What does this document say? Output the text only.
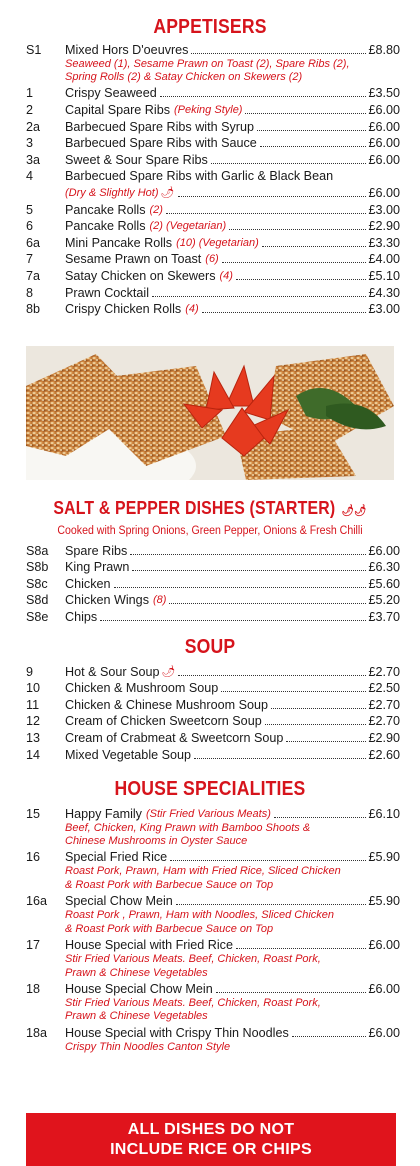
APPETISERS
S1	Mixed Hors D'oeuvres	£8.80
Seaweed (1), Sesame Prawn on Toast (2), Spare Ribs (2),
Spring Rolls (2) & Satay Chicken on Skewers (2)
1	Crispy Seaweed	£3.50
2	Capital Spare Ribs (Peking Style)	£6.00
2a	Barbecued Spare Ribs with Syrup	£6.00
3	Barbecued Spare Ribs with Sauce	£6.00
3a	Sweet & Sour Spare Ribs	£6.00
4	Barbecued Spare Ribs with Garlic & Black Bean
(Dry & Slightly Hot) 🌶	£6.00
5	Pancake Rolls (2)	£3.00
6	Pancake Rolls (2) (Vegetarian)	£2.90
6a	Mini Pancake Rolls (10) (Vegetarian)	£3.30
7	Sesame Prawn on Toast (6)	£4.00
7a	Satay Chicken on Skewers (4)	£5.10
8	Prawn Cocktail	£4.30
8b	Crispy Chicken Rolls (4)	£3.00
SALT & PEPPER DISHES (STARTER) 🌶🌶
Cooked with Spring Onions, Green Pepper, Onions & Fresh Chilli
S8a	Spare Ribs	£6.00
S8b	King Prawn	£6.30
S8c	Chicken	£5.60
S8d	Chicken Wings (8)	£5.20
S8e	Chips	£3.70
SOUP
9	Hot & Sour Soup 🌶	£2.70
10	Chicken & Mushroom Soup	£2.50
11	Chicken & Chinese Mushroom Soup	£2.70
12	Cream of Chicken Sweetcorn Soup	£2.70
13	Cream of Crabmeat & Sweetcorn Soup	£2.90
14	Mixed Vegetable Soup	£2.60
HOUSE SPECIALITIES
15	Happy Family (Stir Fried Various Meats)	£6.10
Beef, Chicken, King Prawn with Bamboo Shoots &
Chinese Mushrooms in Oyster Sauce
16	Special Fried Rice	£5.90
Roast Pork, Prawn, Ham with Fried Rice, Sliced Chicken
& Roast Pork with Barbecue Sauce on Top
16a	Special Chow Mein	£5.90
Roast Pork , Prawn, Ham with Noodles, Sliced Chicken
& Roast Pork with Barbecue Sauce on Top
17	House Special with Fried Rice	£6.00
Stir Fried Various Meats. Beef, Chicken, Roast Pork,
Prawn & Chinese Vegetables
18	House Special Chow Mein	£6.00
Stir Fried Various Meats. Beef, Chicken, Roast Pork,
Prawn & Chinese Vegetables
18a	House Special with Crispy Thin Noodles	£6.00
Crispy Thin Noodles Canton Style
ALL DISHES DO NOT
INCLUDE RICE OR CHIPS
